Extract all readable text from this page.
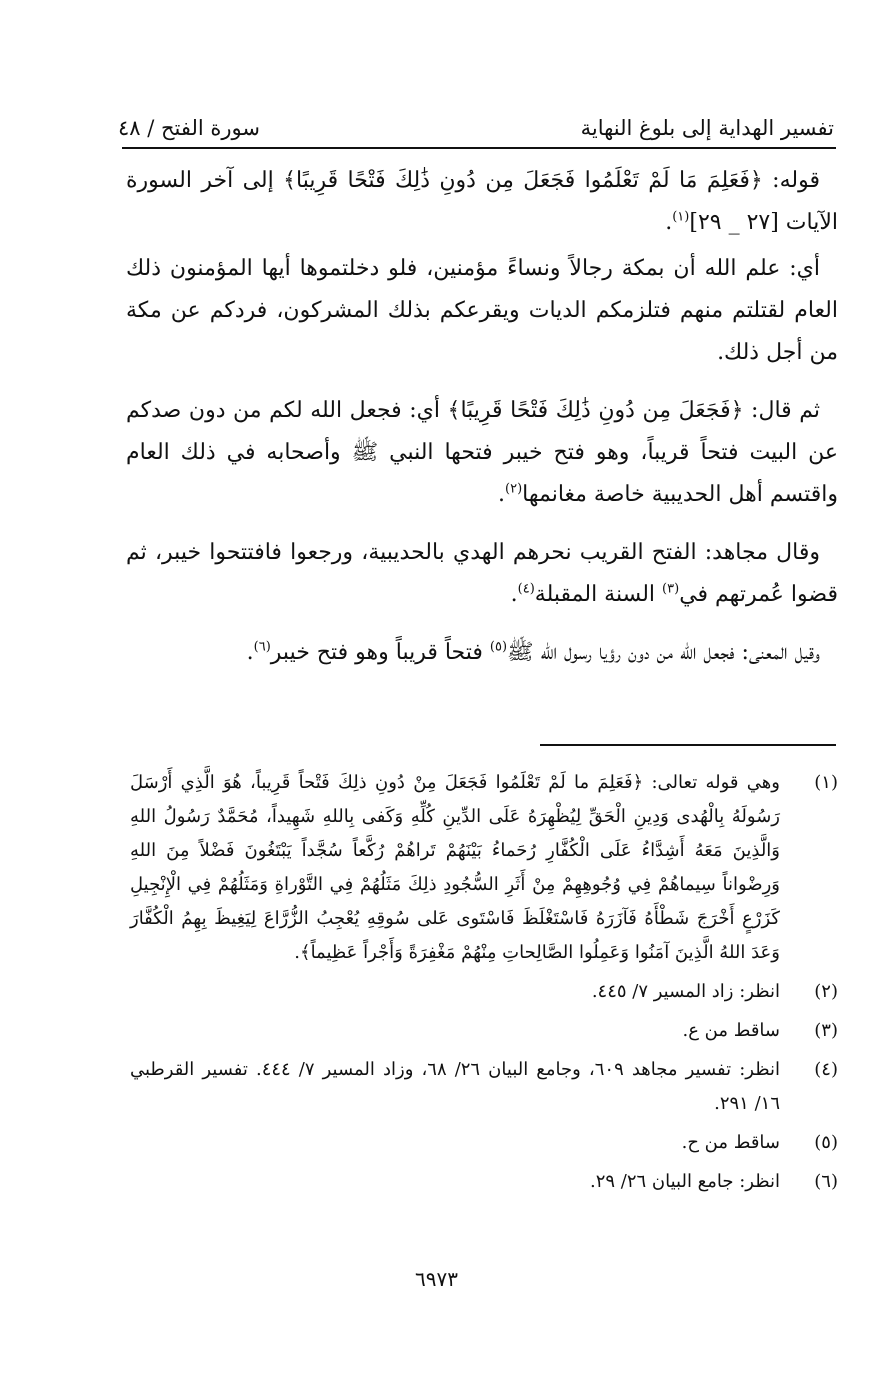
تفسير الهداية إلى بلوغ النهاية
سورة الفتح / ٤٨

قوله: ﴿فَعَلِمَ مَا لَمْ تَعْلَمُوا فَجَعَلَ مِن دُونِ ذَٰلِكَ فَتْحًا قَرِيبًا﴾ إلى آخر السورة الآيات [٢٧ _ ٢٩]$^{(١)}$.

أي: علم الله أن بمكة رجالاً ونساءً مؤمنين، فلو دخلتموها أيها المؤمنون ذلك العام لقتلتم منهم فتلزمكم الديات ويقرعكم بذلك المشركون، فردكم عن مكة من أجل ذلك.

ثم قال: ﴿فَجَعَلَ مِن دُونِ ذَٰلِكَ فَتْحًا قَرِيبًا﴾ أي: فجعل الله لكم من دون صدكم عن البيت فتحاً قريباً، وهو فتح خيبر فتحها النبي ﷺ وأصحابه في ذلك العام واقتسم أهل الحديبية خاصة مغانمها$^{(٢)}$.

وقال مجاهد: الفتح القريب نحرهم الهدي بالحديبية، ورجعوا فافتتحوا خيبر، ثم قضوا عُمرتهم في$^{(٣)}$ السنة المقبلة$^{(٤)}$.

وقيل المعنى: فجعل الله من دون رؤيا رسول الله ﷺ$^{(٥)}$ فتحاً قريباً وهو فتح خيبر$^{(٦)}$.

(١)
وهي قوله تعالى: ﴿فَعَلِمَ ما لَمْ تَعْلَمُوا فَجَعَلَ مِنْ دُونِ ذلِكَ فَتْحاً قَرِيباً، هُوَ الَّذِي أَرْسَلَ رَسُولَهُ بِالْهُدى وَدِينِ الْحَقِّ لِيُظْهِرَهُ عَلَى الدِّينِ كُلِّهِ وَكَفى بِاللهِ شَهِيداً، مُحَمَّدٌ رَسُولُ اللهِ وَالَّذِينَ مَعَهُ أَشِدَّاءُ عَلَى الْكُفَّارِ رُحَماءُ بَيْنَهُمْ تَراهُمْ رُكَّعاً سُجَّداً يَبْتَغُونَ فَضْلاً مِنَ اللهِ وَرِضْواناً سِيماهُمْ فِي وُجُوهِهِمْ مِنْ أَثَرِ السُّجُودِ ذلِكَ مَثَلُهُمْ فِي التَّوْراةِ وَمَثَلُهُمْ فِي الْإِنْجِيلِ كَزَرْعٍ أَخْرَجَ شَطْأَهُ فَآزَرَهُ فَاسْتَغْلَظَ فَاسْتَوى عَلى سُوقِهِ يُعْجِبُ الزُّرَّاعَ لِيَغِيظَ بِهِمُ الْكُفَّارَ وَعَدَ اللهُ الَّذِينَ آمَنُوا وَعَمِلُوا الصَّالِحاتِ مِنْهُمْ مَغْفِرَةً وَأَجْراً عَظِيماً﴾.
(٢)
انظر: زاد المسير ٧/ ٤٤٥.
(٣)
ساقط من ع.
(٤)
انظر: تفسير مجاهد ٦٠٩، وجامع البيان ٢٦/ ٦٨، وزاد المسير ٧/ ٤٤٤. تفسير القرطبي ١٦/ ٢٩١.
(٥)
ساقط من ح.
(٦)
انظر: جامع البيان ٢٦/ ٢٩.
٦٩٧٣
